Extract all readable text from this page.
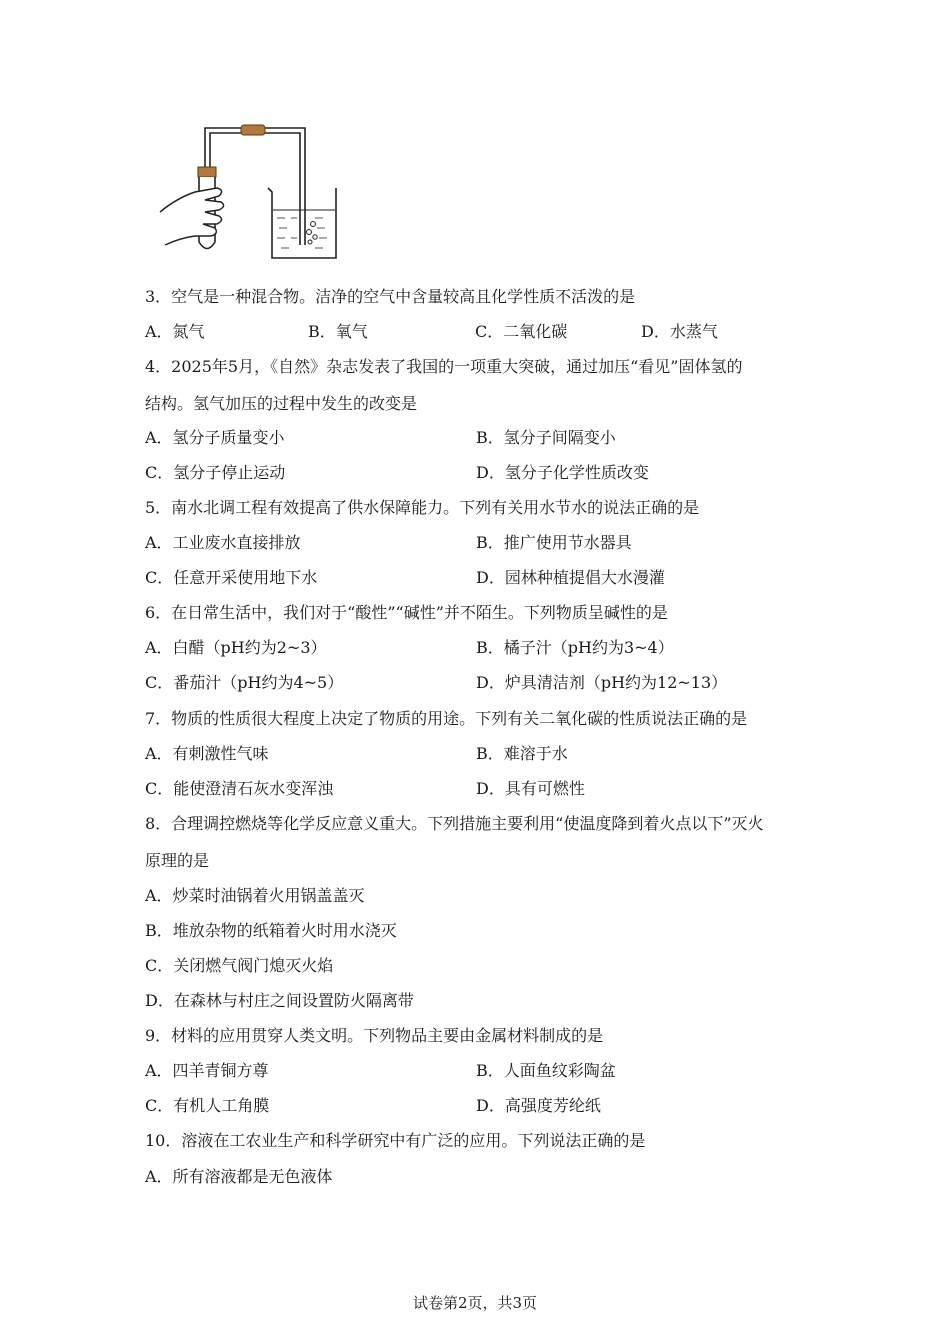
3．空气是一种混合物。洁净的空气中含量较高且化学性质不活泼的是
A．氮气	B．氧气	C．二氧化碳	D．水蒸气
4．2025年5月，《自然》杂志发表了我国的一项重大突破，通过加压“看见”固体氢的
结构。氢气加压的过程中发生的改变是
A．氢分子质量变小	B．氢分子间隔变小
C．氢分子停止运动	D．氢分子化学性质改变
5．南水北调工程有效提高了供水保障能力。下列有关用水节水的说法正确的是
A．工业废水直接排放	B．推广使用节水器具
C．任意开采使用地下水	D．园林种植提倡大水漫灌
6．在日常生活中，我们对于“酸性”“碱性”并不陌生。下列物质呈碱性的是
A．白醋（pH约为2~3）	B．橘子汁（pH约为3~4）
C．番茄汁（pH约为4~5）	D．炉具清洁剂（pH约为12~13）
7．物质的性质很大程度上决定了物质的用途。下列有关二氧化碳的性质说法正确的是
A．有刺激性气味	B．难溶于水
C．能使澄清石灰水变浑浊	D．具有可燃性
8．合理调控燃烧等化学反应意义重大。下列措施主要利用“使温度降到着火点以下”灭火
原理的是
A．炒菜时油锅着火用锅盖盖灭
B．堆放杂物的纸箱着火时用水浇灭
C．关闭燃气阀门熄灭火焰
D．在森林与村庄之间设置防火隔离带
9．材料的应用贯穿人类文明。下列物品主要由金属材料制成的是
A．四羊青铜方尊	B．人面鱼纹彩陶盆
C．有机人工角膜	D．高强度芳纶纸
10．溶液在工农业生产和科学研究中有广泛的应用。下列说法正确的是
A．所有溶液都是无色液体
试卷第2页，共3页
